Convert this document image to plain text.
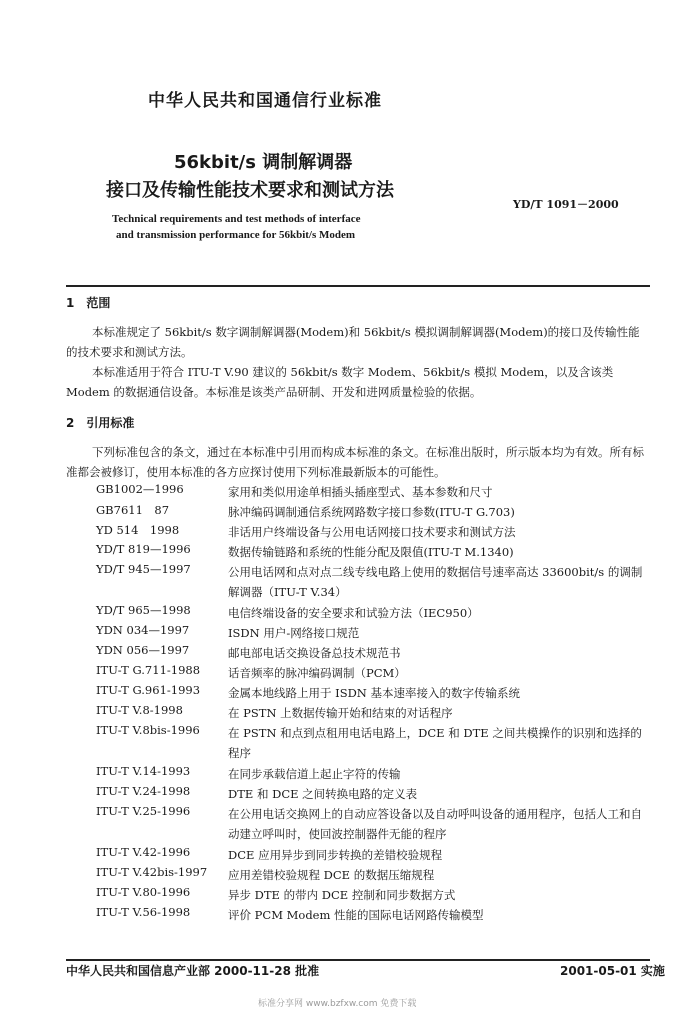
中华人民共和国通信行业标准
56kbit/s 调制解调器
接口及传输性能技术要求和测试方法
YD/T 1091－2000
Technical requirements and test methods of interface
and transmission performance for 56kbit/s Modem
1　范围
本标准规定了 56kbit/s 数字调制解调器(Modem)和 56kbit/s 模拟调制解调器(Modem)的接口及传输性能的技术要求和测试方法。
本标准适用于符合 ITU-T V.90 建议的 56kbit/s 数字 Modem、56kbit/s 模拟 Modem，以及含该类 Modem 的数据通信设备。本标准是该类产品研制、开发和进网质量检验的依据。
2　引用标准
下列标准包含的条文，通过在本标准中引用而构成本标准的条文。在标准出版时，所示版本均为有效。所有标准都会被修订，使用本标准的各方应探讨使用下列标准最新版本的可能性。
GB1002—1996	家用和类似用途单相插头插座型式、基本参数和尺寸
GB7611　87	脉冲编码调制通信系统网路数字接口参数(ITU-T G.703)
YD 514　1998	非话用户终端设备与公用电话网接口技术要求和测试方法
YD/T 819—1996	数据传输链路和系统的性能分配及限值(ITU-T M.1340)
YD/T 945—1997	公用电话网和点对点二线专线电路上使用的数据信号速率高达 33600bit/s 的调制解调器（ITU-T V.34）
YD/T 965—1998	电信终端设备的安全要求和试验方法（IEC950）
YDN 034—1997	ISDN 用户-网络接口规范
YDN 056—1997	邮电部电话交换设备总技术规范书
ITU-T G.711-1988 话音频率的脉冲编码调制（PCM）
ITU-T G.961-1993 金属本地线路上用于 ISDN 基本速率接入的数字传输系统
ITU-T V.8-1998	在 PSTN 上数据传输开始和结束的对话程序
ITU-T V.8bis-1996 在 PSTN 和点到点租用电话电路上，DCE 和 DTE 之间共模操作的识别和选择的程序
ITU-T V.14-1993	在同步承载信道上起止字符的传输
ITU-T V.24-1998	DTE 和 DCE 之间转换电路的定义表
ITU-T V.25-1996	在公用电话交换网上的自动应答设备以及自动呼叫设备的通用程序，包括人工和自动建立呼叫时，使回波控制器件无能的程序
ITU-T V.42-1996	DCE 应用异步到同步转换的差错校验规程
ITU-T V.42bis-1997 应用差错校验规程 DCE 的数据压缩规程
ITU-T V.80-1996	异步 DTE 的带内 DCE 控制和同步数据方式
ITU-T V.56-1998	评价 PCM Modem 性能的国际电话网路传输模型
中华人民共和国信息产业部 2000-11-28 批准	2001-05-01 实施
标准分享网 www.bzfxw.com 免费下载
